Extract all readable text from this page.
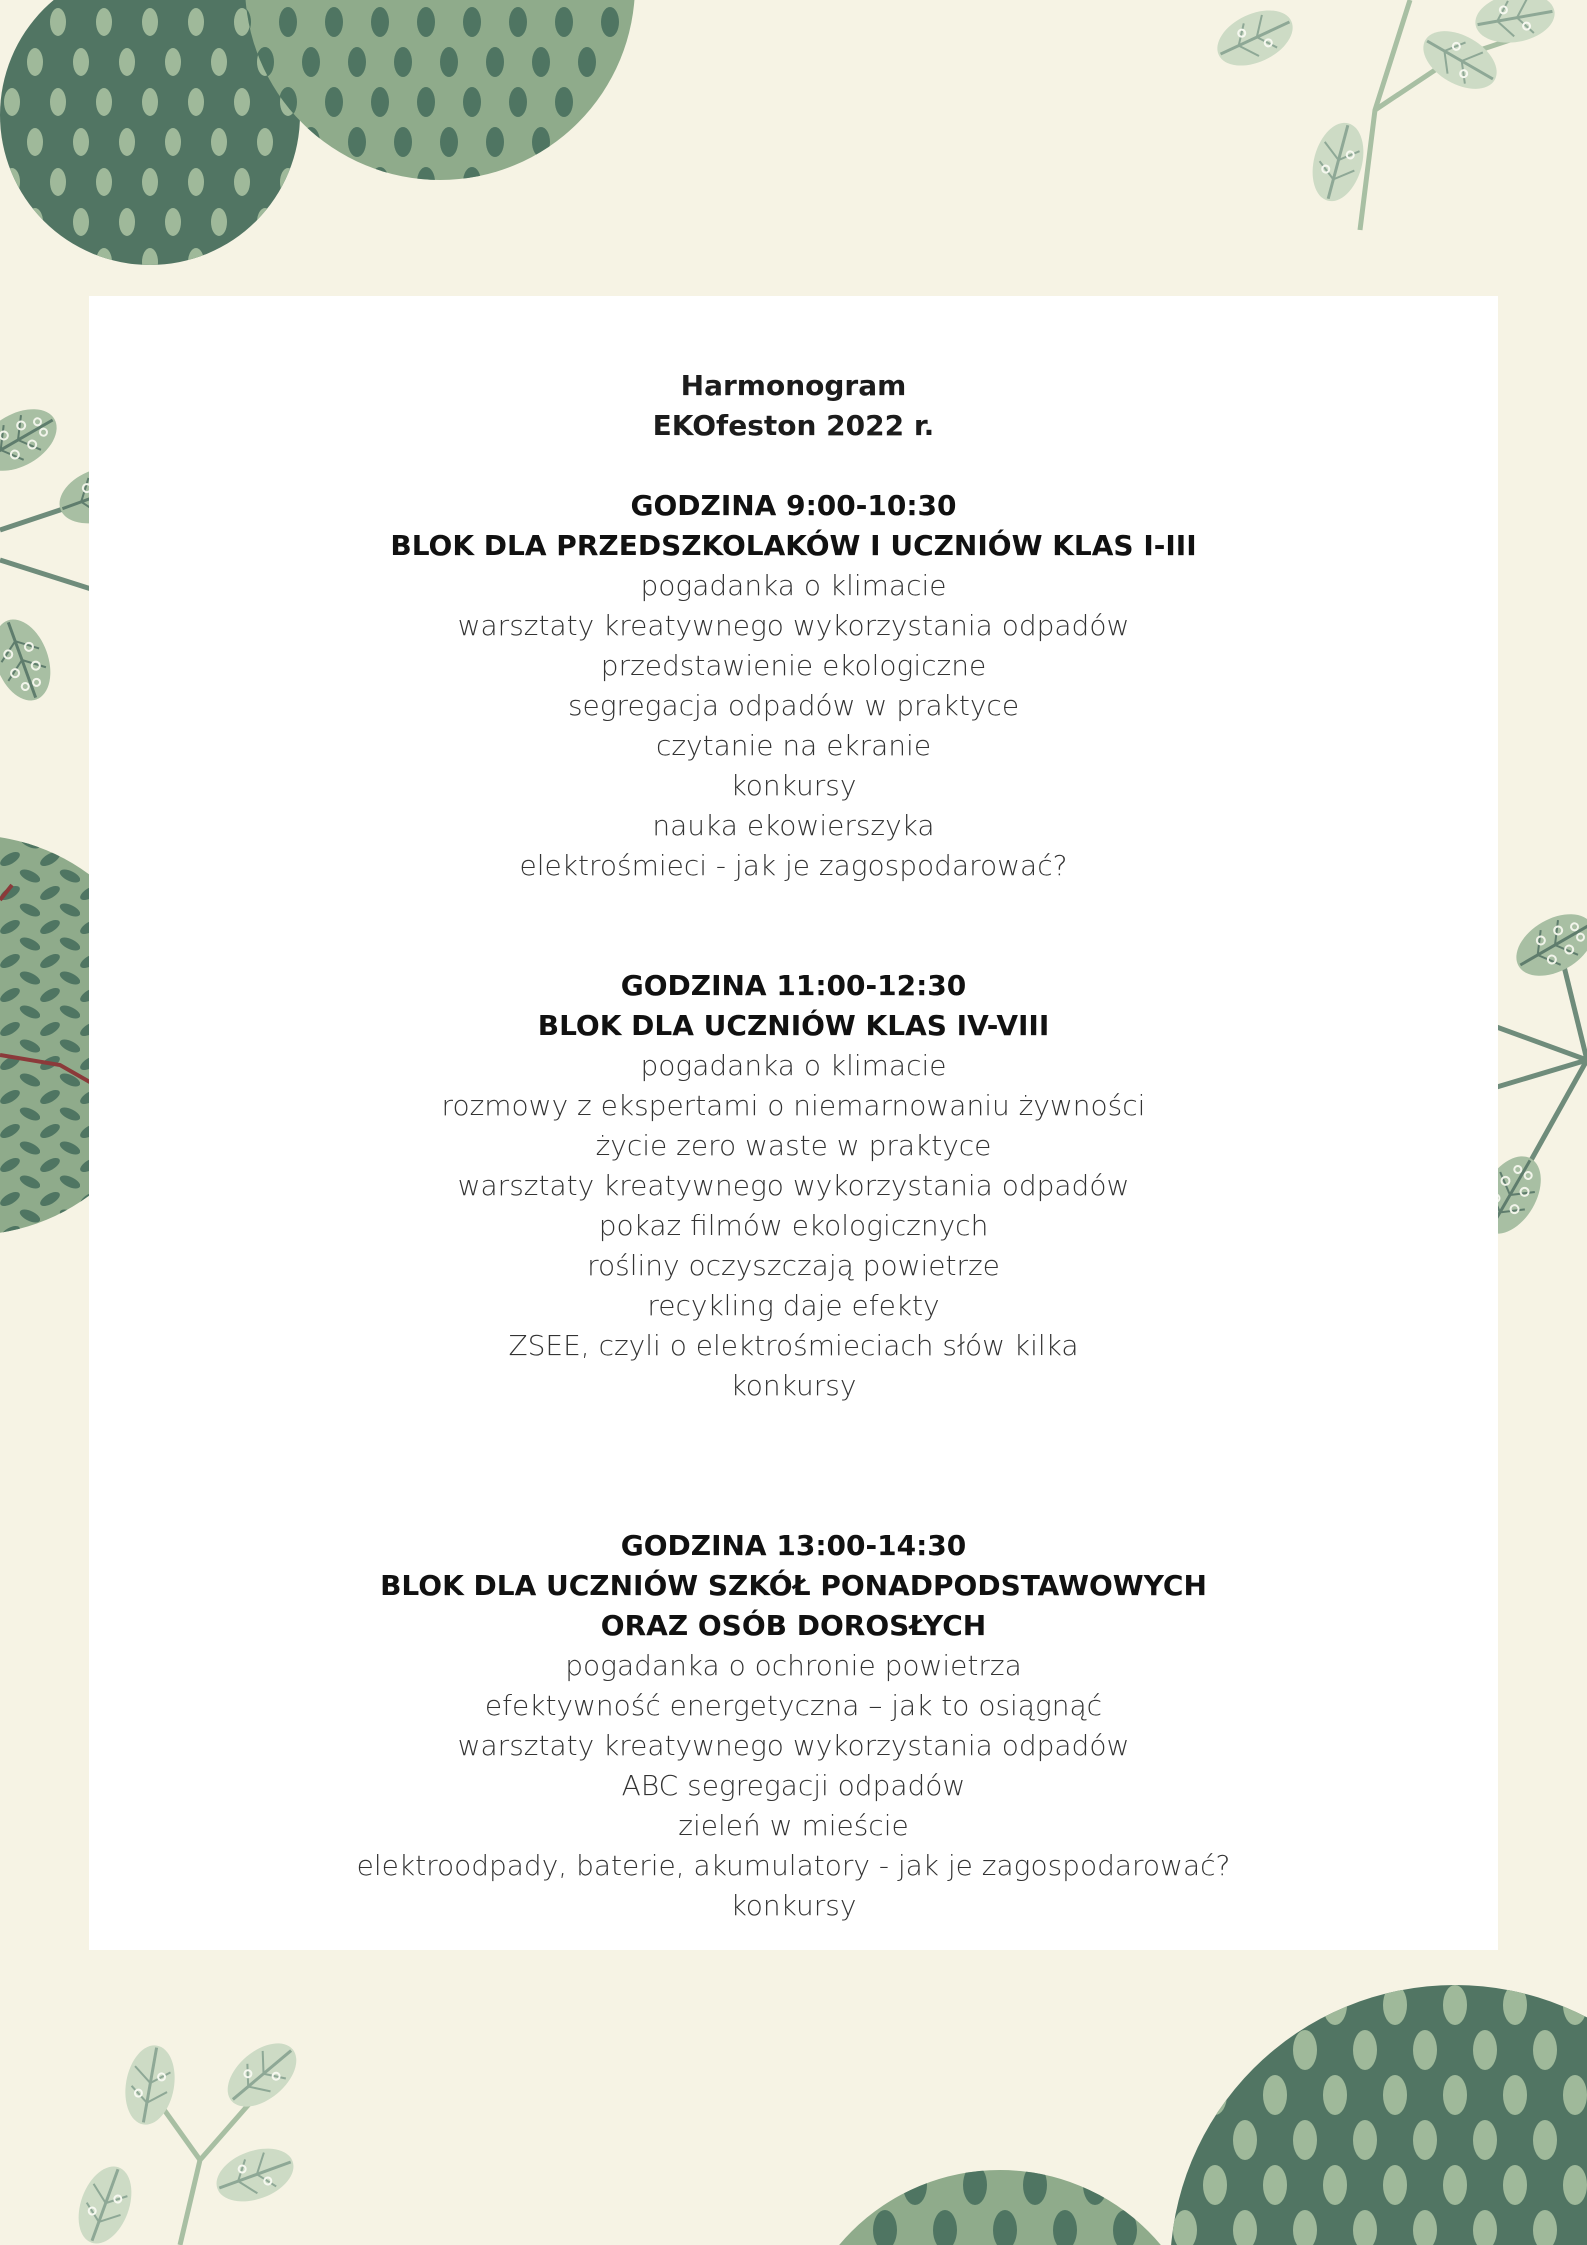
Harmonogram
EKOfeston 2022 r.
GODZINA 9:00-10:30
BLOK DLA PRZEDSZKOLAKÓW I UCZNIÓW KLAS I-III
pogadanka o klimacie
warsztaty kreatywnego wykorzystania odpadów
przedstawienie ekologiczne
segregacja odpadów w praktyce
czytanie na ekranie
konkursy
nauka ekowierszyka
elektrośmieci - jak je zagospodarować?
GODZINA 11:00-12:30
BLOK DLA UCZNIÓW KLAS IV-VIII
pogadanka o klimacie
rozmowy z ekspertami o niemarnowaniu żywności
życie zero waste w praktyce
warsztaty kreatywnego wykorzystania odpadów
pokaz filmów ekologicznych
rośliny oczyszczają powietrze
recykling daje efekty
ZSEE, czyli o elektrośmieciach słów kilka
konkursy
GODZINA 13:00-14:30
BLOK DLA UCZNIÓW SZKÓŁ PONADPODSTAWOWYCH
ORAZ OSÓB DOROSŁYCH
pogadanka o ochronie powietrza
efektywność energetyczna – jak to osiągnąć
warsztaty kreatywnego wykorzystania odpadów
ABC segregacji odpadów
zieleń w mieście
elektroodpady, baterie, akumulatory - jak je zagospodarować?
konkursy
